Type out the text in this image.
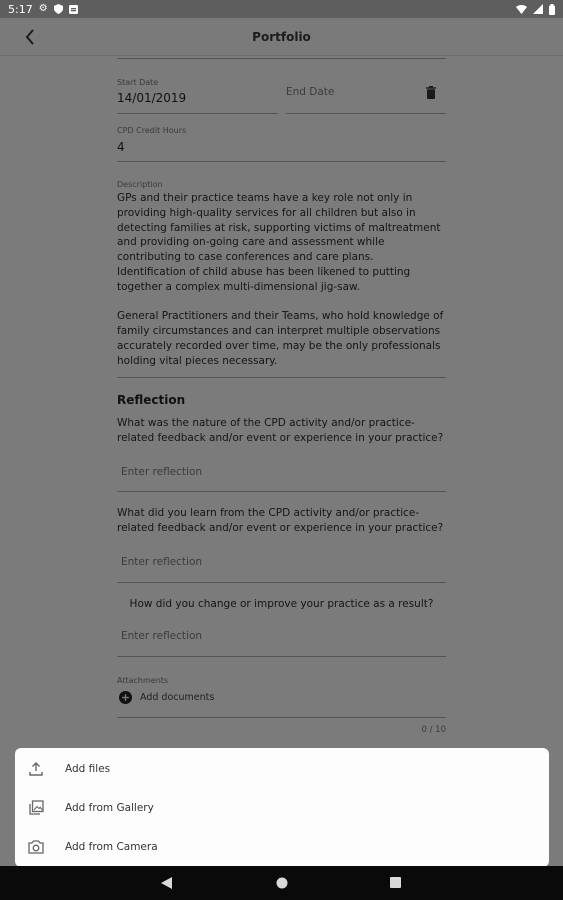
5:17 ⚙
Portfolio
Start Date
14/01/2019	End Date
CPD Credit Hours
4
Description
GPs and their practice teams have a key role not only in
providing high-quality services for all children but also in
detecting families at risk, supporting victims of maltreatment
and providing on-going care and assessment while
contributing to case conferences and care plans.
Identification of child abuse has been likened to putting
together a complex multi-dimensional jig-saw.
General Practitioners and their Teams, who hold knowledge of
family circumstances and can interpret multiple observations
accurately recorded over time, may be the only professionals
holding vital pieces necessary.
Reflection
What was the nature of the CPD activity and/or practice-
related feedback and/or event or experience in your practice?
Enter reflection
What did you learn from the CPD activity and/or practice-
related feedback and/or event or experience in your practice?
Enter reflection
How did you change or improve your practice as a result?
Enter reflection
Attachments
Add documents
0 / 10
Add files
Add from Gallery
Add from Camera
